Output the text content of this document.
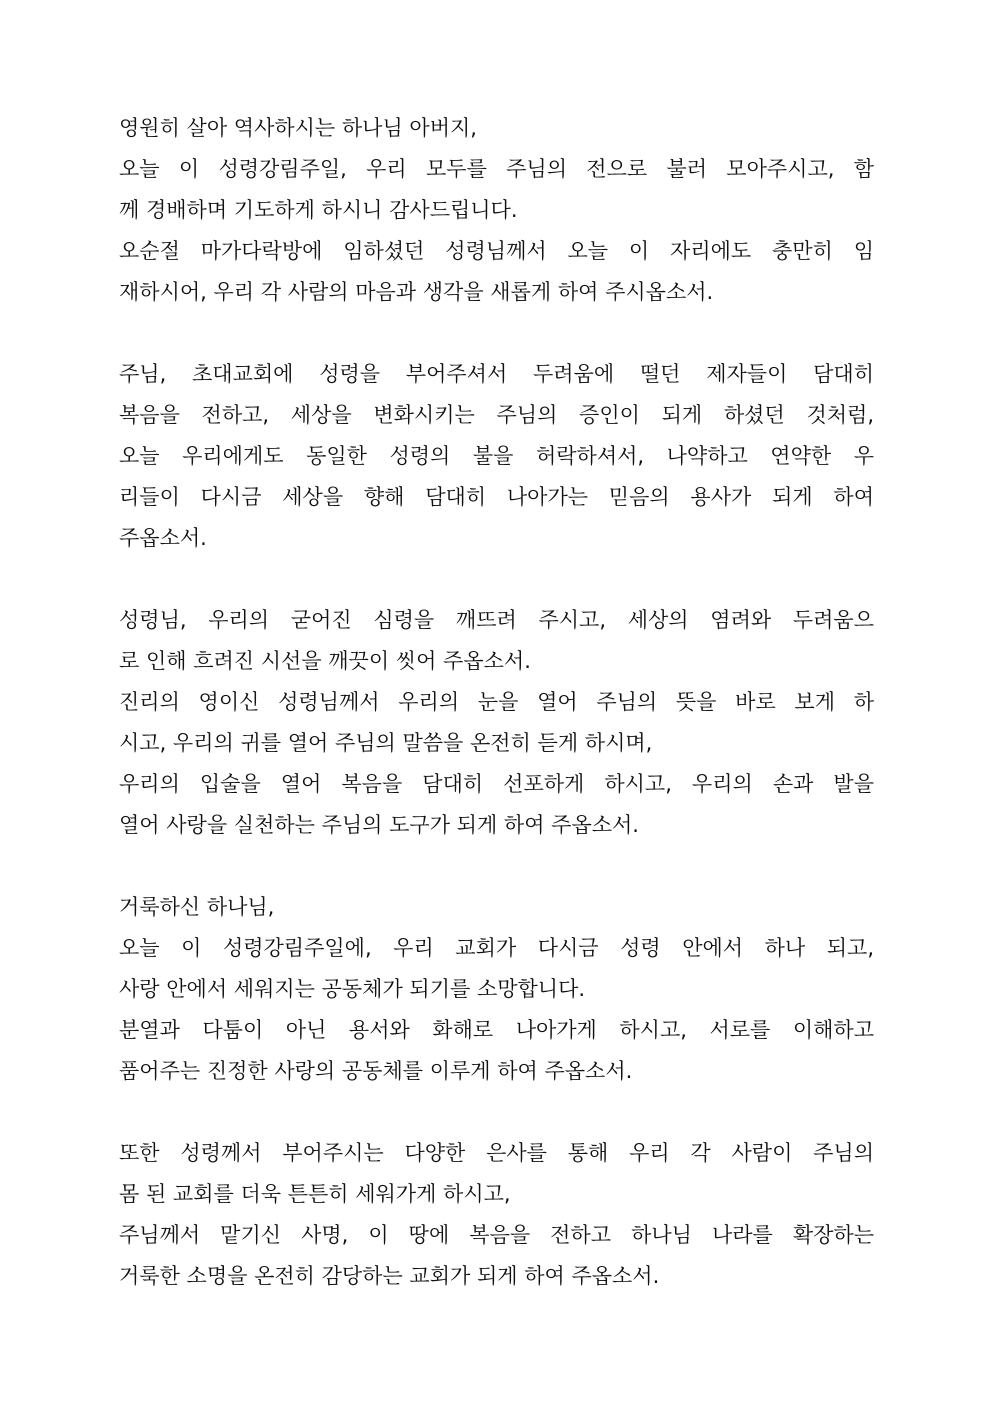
영원히 살아 역사하시는 하나님 아버지,
오늘 이 성령강림주일, 우리 모두를 주님의 전으로 불러 모아주시고, 함
께 경배하며 기도하게 하시니 감사드립니다.
오순절 마가다락방에 임하셨던 성령님께서 오늘 이 자리에도 충만히 임
재하시어, 우리 각 사람의 마음과 생각을 새롭게 하여 주시옵소서.
주님, 초대교회에 성령을 부어주셔서 두려움에 떨던 제자들이 담대히
복음을 전하고, 세상을 변화시키는 주님의 증인이 되게 하셨던 것처럼,
오늘 우리에게도 동일한 성령의 불을 허락하셔서, 나약하고 연약한 우
리들이 다시금 세상을 향해 담대히 나아가는 믿음의 용사가 되게 하여
주옵소서.
성령님, 우리의 굳어진 심령을 깨뜨려 주시고, 세상의 염려와 두려움으
로 인해 흐려진 시선을 깨끗이 씻어 주옵소서.
진리의 영이신 성령님께서 우리의 눈을 열어 주님의 뜻을 바로 보게 하
시고, 우리의 귀를 열어 주님의 말씀을 온전히 듣게 하시며,
우리의 입술을 열어 복음을 담대히 선포하게 하시고, 우리의 손과 발을
열어 사랑을 실천하는 주님의 도구가 되게 하여 주옵소서.
거룩하신 하나님,
오늘 이 성령강림주일에, 우리 교회가 다시금 성령 안에서 하나 되고,
사랑 안에서 세워지는 공동체가 되기를 소망합니다.
분열과 다툼이 아닌 용서와 화해로 나아가게 하시고, 서로를 이해하고
품어주는 진정한 사랑의 공동체를 이루게 하여 주옵소서.
또한 성령께서 부어주시는 다양한 은사를 통해 우리 각 사람이 주님의
몸 된 교회를 더욱 튼튼히 세워가게 하시고,
주님께서 맡기신 사명, 이 땅에 복음을 전하고 하나님 나라를 확장하는
거룩한 소명을 온전히 감당하는 교회가 되게 하여 주옵소서.
